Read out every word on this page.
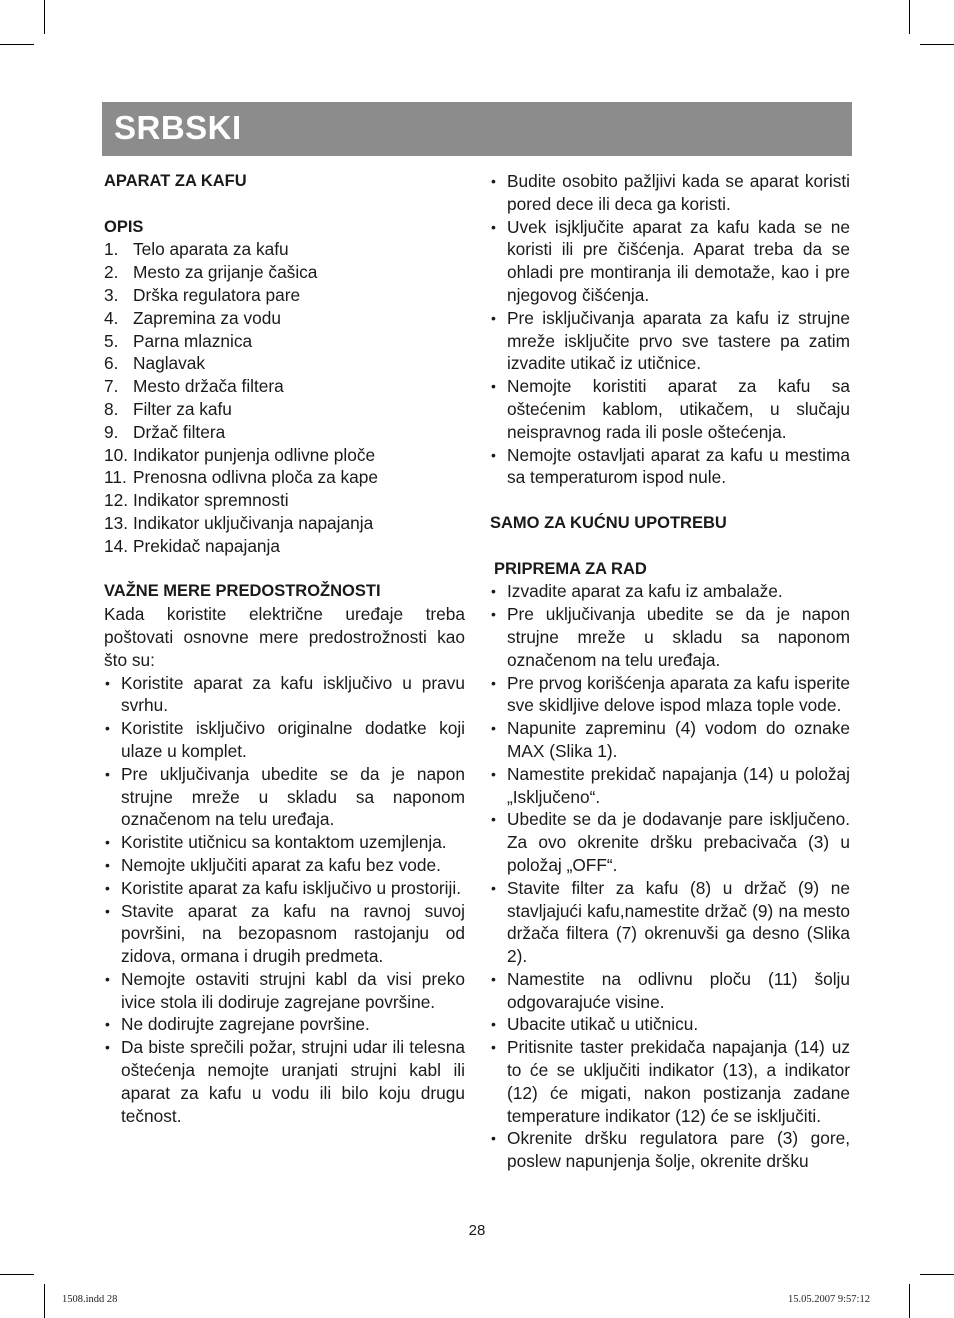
SRBSKI
APARAT ZA KAFU
OPIS
1. Telo aparata za kafu
2. Mesto za grijanje čašica
3. Drška regulatora pare
4. Zapremina za vodu
5. Parna mlaznica
6. Naglavak
7. Mesto držača filtera
8. Filter za kafu
9. Držač filtera
10. Indikator punjenja odlivne ploče
11. Prenosna odlivna ploča za kape
12. Indikator spremnosti
13. Indikator uključivanja napajanja
14. Prekidač napajanja
VAŽNE MERE PREDOSTROŽNOSTI

Kada koristite električne uređaje treba poštovati osnovne mere predostrožnosti kao što su:

• Koristite aparat za kafu isključivo u pravu svrhu.
• Koristite isključivo originalne dodatke koji ulaze u komplet.
• Pre uključivanja ubedite se da je napon strujne mreže u skladu sa naponom označenom na telu uređaja.
• Koristite utičnicu sa kontaktom uzemjlenja.
• Nemojte uključiti aparat za kafu bez vode.
• Koristite aparat za kafu isključivo u prostoriji.
• Stavite aparat za kafu na ravnoj suvoj površini, na bezopasnom rastojanju od zidova, ormana i drugih predmeta.
• Nemojte ostaviti strujni kabl da visi preko ivice stola ili dodiruje zagrejane površine.
• Ne dodirujte zagrejane površine.
• Da biste sprečili požar, strujni udar ili telesna oštećenja nemojte uranjati strujni kabl ili aparat za kafu u vodu ili bilo koju drugu tečnost.
• Budite osobito pažljivi kada se aparat koristi pored dece ili deca ga koristi.
• Uvek isjključite aparat za kafu kada se ne koristi ili pre čišćenja. Aparat treba da se ohladi pre montiranja ili demotaže, kao i pre njegovog čišćenja.
• Pre isključivanja aparata za kafu iz strujne mreže isključite prvo sve tastere pa zatim izvadite utikač iz utičnice.
• Nemojte koristiti aparat za kafu sa oštećenim kablom, utikačem, u slučaju neispravnog rada ili posle oštećenja.
• Nemojte ostavljati aparat za kafu u mestima sa temperaturom ispod nule.
SAMO ZA KUĆNU UPOTREBU
PRIPREMA ZA RAD
• Izvadite aparat za kafu iz ambalaže.
• Pre uključivanja ubedite se da je napon strujne mreže u skladu sa naponom označenom na telu uređaja.
• Pre prvog korišćenja aparata za kafu isperite sve skidljive delove ispod mlaza tople vode.
• Napunite zapreminu (4) vodom do oznake MAX (Slika 1).
• Namestite prekidač napajanja (14) u položaj „Isključeno“.
• Ubedite se da je dodavanje pare isključeno. Za ovo okrenite dršku prebacivača (3) u položaj „OFF“.
• Stavite filter za kafu (8) u držač (9) ne stavljajući kafu,namestite držač (9) na mesto držača filtera (7) okrenuvši ga desno (Slika 2).
• Namestite na odlivnu ploču (11) šolju odgovarajuće visine.
• Ubacite utikač u utičnicu.
• Pritisnite taster prekidača napajanja (14) uz to će se uključiti indikator (13), a indikator (12) će migati, nakon postizanja zadane temperature indikator (12) će se isključiti.
• Okrenite dršku regulatora pare (3) gore, poslew napunjenja šolje, okrenite dršku
28
1508.indd 28	15.05.2007 9:57:12
